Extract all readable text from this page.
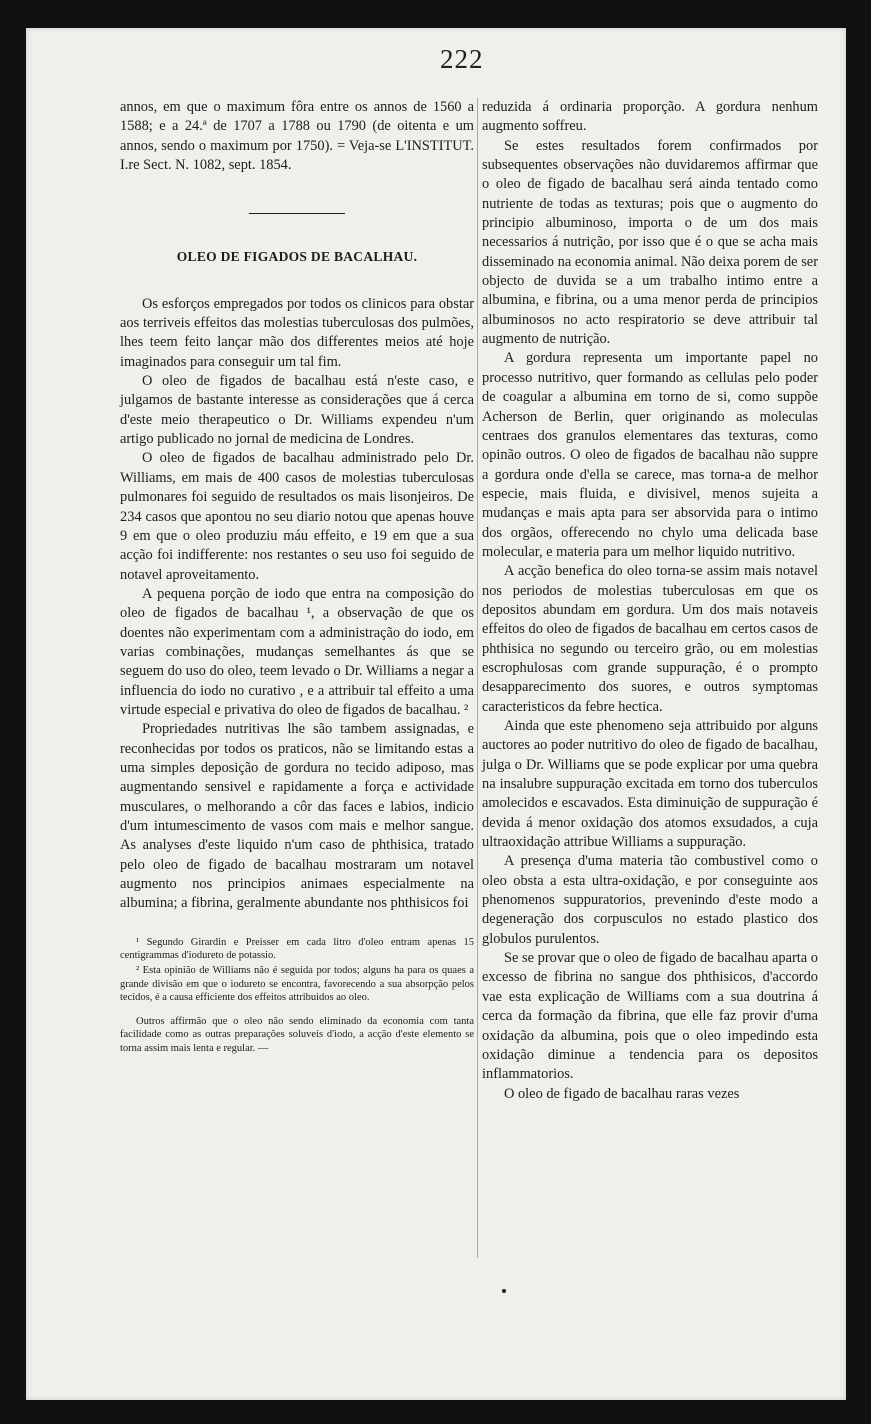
222

annos, em que o maximum fôra entre os annos de 1560 a 1588; e a 24.ª de 1707 a 1788 ou 1790 (de oitenta e um annos, sendo o maximum por 1750). = Veja-se L'INSTITUT. I.re Sect. N. 1082, sept. 1854.

OLEO DE FIGADOS DE BACALHAU.

Os esforços empregados por todos os clinicos para obstar aos terriveis effeitos das molestias tuberculosas dos pulmões, lhes teem feito lançar mão dos differentes meios até hoje imaginados para conseguir um tal fim.

O oleo de figados de bacalhau está n'este caso, e julgamos de bastante interesse as considerações que á cerca d'este meio therapeutico o Dr. Williams expendeu n'um artigo publicado no jornal de medicina de Londres.

O oleo de figados de bacalhau administrado pelo Dr. Williams, em mais de 400 casos de molestias tuberculosas pulmonares foi seguido de resultados os mais lisonjeiros. De 234 casos que apontou no seu diario notou que apenas houve 9 em que o oleo produziu máu effeito, e 19 em que a sua acção foi indifferente: nos restantes o seu uso foi seguido de notavel aproveitamento.

A pequena porção de iodo que entra na composição do oleo de figados de bacalhau ¹, a observação de que os doentes não experimentam com a administração do iodo, em varias combinações, mudanças semelhantes ás que se seguem do uso do oleo, teem levado o Dr. Williams a negar a influencia do iodo no curativo , e a attribuir tal effeito a uma virtude especial e privativa do oleo de figados de bacalhau. ²

Propriedades nutritivas lhe são tambem assignadas, e reconhecidas por todos os praticos, não se limitando estas a uma simples deposição de gordura no tecido adiposo, mas augmentando sensivel e rapidamente a força e actividade musculares, o melhorando a côr das faces e labios, indicio d'um intumescimento de vasos com mais e melhor sangue. As analyses d'este liquido n'um caso de phthisica, tratado pelo oleo de figado de bacalhau mostraram um notavel augmento nos principios animaes especialmente na albumina; a fibrina, geralmente abundante nos phthisicos foi

¹ Segundo Girardin e Preisser em cada litro d'oleo entram apenas 15 centigrammas d'iodureto de potassio.

² Esta opinião de Williams não é seguida por todos; alguns ha para os quaes a grande divisão em que o iodureto se encontra, favorecendo a sua absorpção pelos tecidos, é a causa efficiente dos effeitos attribuidos ao oleo.

Outros affirmão que o oleo não sendo eliminado da economia com tanta facilidade como as outras preparações soluveis d'iodo, a acção d'este elemento se torna assim mais lenta e regular. —

reduzida á ordinaria proporção. A gordura nenhum augmento soffreu.

Se estes resultados forem confirmados por subsequentes observações não duvidaremos affirmar que o oleo de figado de bacalhau será ainda tentado como nutriente de todas as texturas; pois que o augmento do principio albuminoso, importa o de um dos mais necessarios á nutrição, por isso que é o que se acha mais disseminado na economia animal. Não deixa porem de ser objecto de duvida se a um trabalho intimo entre a albumina, e fibrina, ou a uma menor perda de principios albuminosos no acto respiratorio se deve attribuir tal augmento de nutrição.

A gordura representa um importante papel no processo nutritivo, quer formando as cellulas pelo poder de coagular a albumina em torno de si, como suppõe Acherson de Berlin, quer originando as moleculas centraes dos granulos elementares das texturas, como opinão outros. O oleo de figados de bacalhau não suppre a gordura onde d'ella se carece, mas torna-a de melhor especie, mais fluida, e divisivel, menos sujeita a mudanças e mais apta para ser absorvida para o intimo dos orgãos, offerecendo no chylo uma delicada base molecular, e materia para um melhor liquido nutritivo.

A acção benefica do oleo torna-se assim mais notavel nos periodos de molestias tuberculosas em que os depositos abundam em gordura. Um dos mais notaveis effeitos do oleo de figados de bacalhau em certos casos de phthisica no segundo ou terceiro grão, ou em molestias escrophulosas com grande suppuração, é o prompto desapparecimento dos suores, e outros symptomas caracteristicos da febre hectica.

Ainda que este phenomeno seja attribuido por alguns auctores ao poder nutritivo do oleo de figado de bacalhau, julga o Dr. Williams que se pode explicar por uma quebra na insalubre suppuração excitada em torno dos tuberculos amolecidos e escavados. Esta diminuição de suppuração é devida á menor oxidação dos atomos exsudados, a cuja ultraoxidação attribue Williams a suppuração.

A presença d'uma materia tão combustivel como o oleo obsta a esta ultra-oxidação, e por conseguinte aos phenomenos suppuratorios, prevenindo d'este modo a degeneração dos corpusculos no estado plastico dos globulos purulentos.

Se se provar que o oleo de figado de bacalhau aparta o excesso de fibrina no sangue dos phthisicos, d'accordo vae esta explicação de Williams com a sua doutrina á cerca da formação da fibrina, que elle faz provir d'uma oxidação da albumina, pois que o oleo impedindo esta oxidação diminue a tendencia para os depositos inflammatorios.

O oleo de figado de bacalhau raras vezes
